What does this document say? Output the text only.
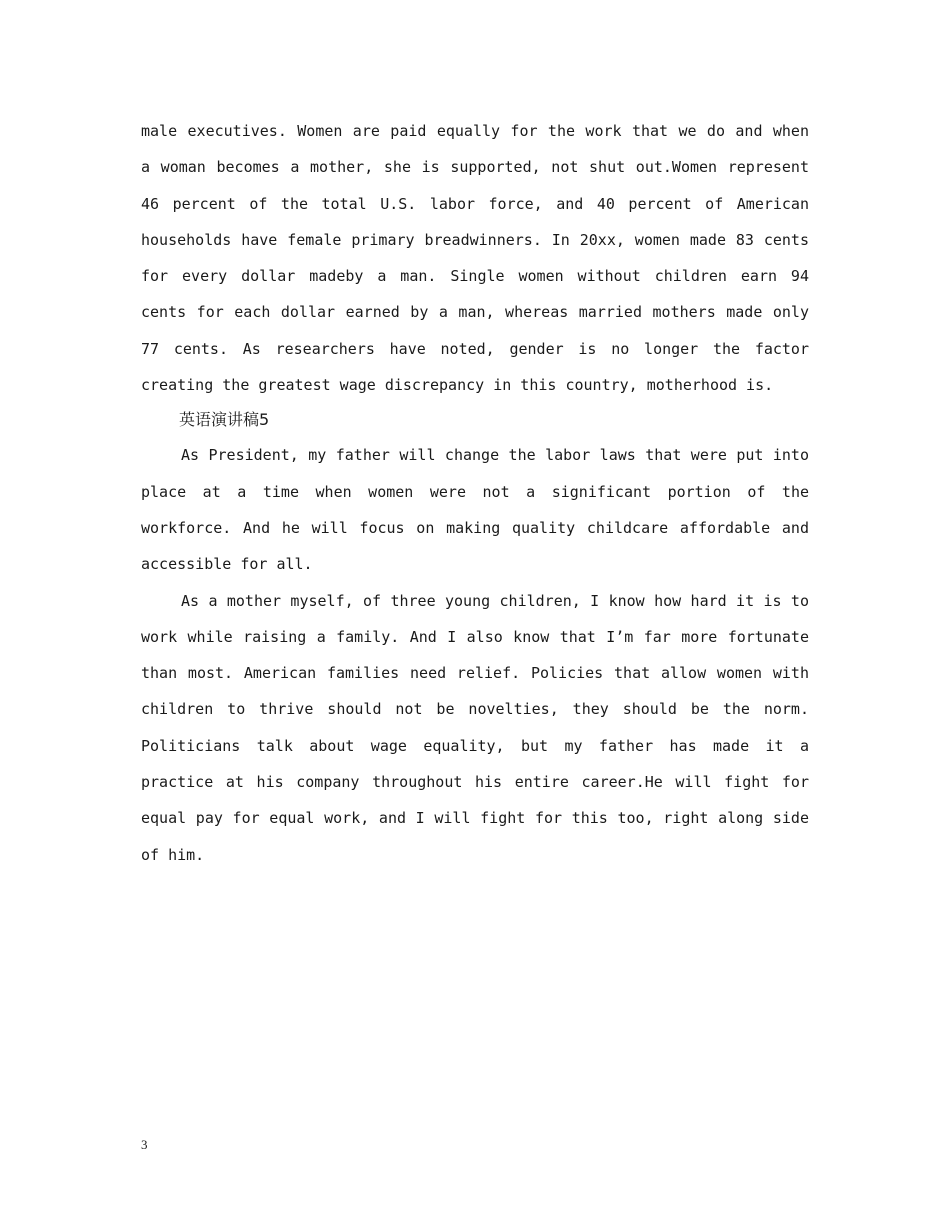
male executives. Women are paid equally for the work that we do and when a woman becomes a mother, she is supported, not shut out.Women represent 46 percent of the total U.S. labor force, and 40 percent of American households have female primary breadwinners. In 20xx, women made 83 cents for every dollar madeby a man. Single women without children earn 94 cents for each dollar earned by a man, whereas married mothers made only 77 cents. As researchers have noted, gender is no longer the factor creating the greatest wage discrepancy in this country, motherhood is.

英语演讲稿5

As President, my father will change the labor laws that were put into place at a time when women were not a significant portion of the workforce. And he will focus on making quality childcare affordable and accessible for all.

As a mother myself, of three young children, I know how hard it is to work while raising a family. And I also know that I’m far more fortunate than most. American families need relief. Policies that allow women with children to thrive should not be novelties, they should be the norm. Politicians talk about wage equality, but my father has made it a practice at his company throughout his entire career.He will fight for equal pay for equal work, and I will fight for this too, right along side of him.

3
